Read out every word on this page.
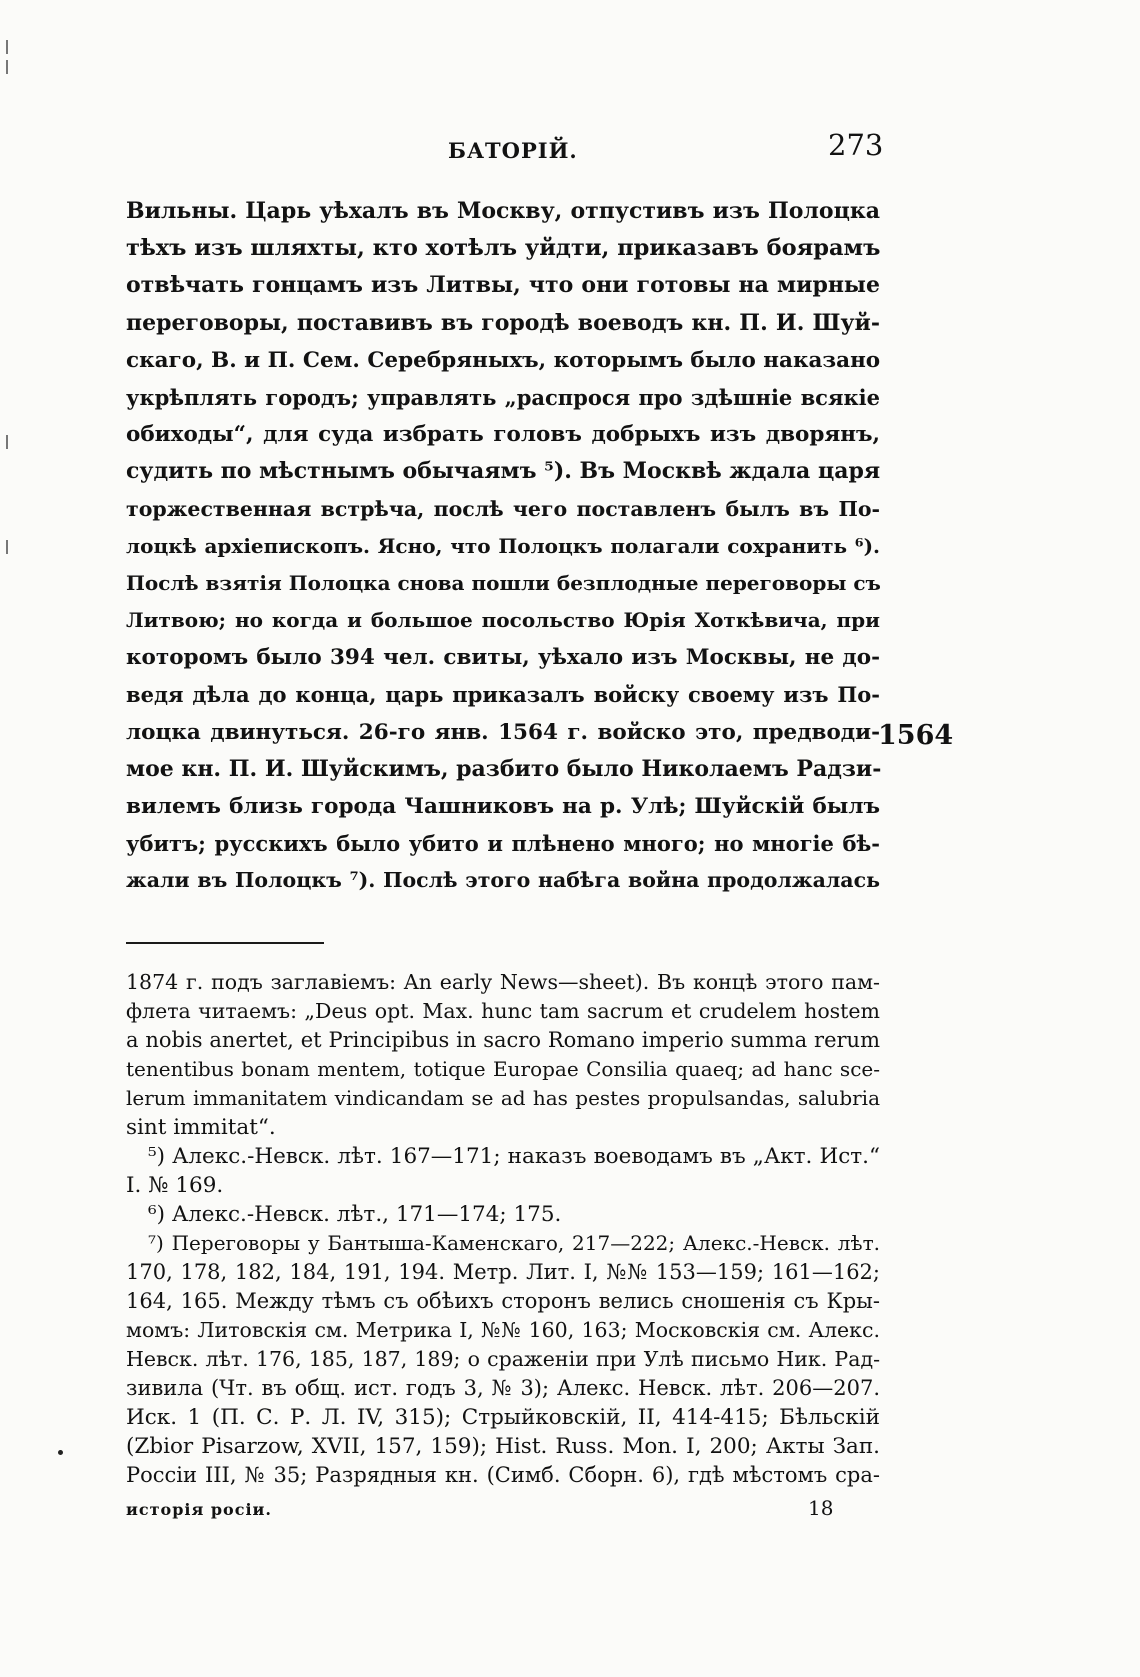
БАТОРІЙ.	273
Вильны. Царь уѣхалъ въ Москву, отпустивъ изъ Полоцка
тѣхъ изъ шляхты, кто хотѣлъ уйдти, приказавъ боярамъ
отвѣчать гонцамъ изъ Литвы, что они готовы на мирные
переговоры, поставивъ въ городѣ воеводъ кн. П. И. Шуй-
скаго, В. и П. Сем. Серебряныхъ, которымъ было наказано
укрѣплять городъ; управлять „распрося про здѣшніе всякіе
обиходы“, для суда избрать головъ добрыхъ изъ дворянъ,
судить по мѣстнымъ обычаямъ ⁵). Въ Москвѣ ждала царя
торжественная встрѣча, послѣ чего поставленъ былъ въ По-
лоцкѣ архіепископъ. Ясно, что Полоцкъ полагали сохранить ⁶).
Послѣ взятія Полоцка снова пошли безплодные переговоры съ
Литвою; но когда и большое посольство Юрія Хоткѣвича, при
которомъ было 394 чел. свиты, уѣхало изъ Москвы, не до-
ведя дѣла до конца, царь приказалъ войску своему изъ По-
лоцка двинуться. 26-го янв. 1564 г. войско это, предводи-
мое кн. П. И. Шуйскимъ, разбито было Николаемъ Радзи-
вилемъ близь города Чашниковъ на р. Улѣ; Шуйскій былъ
убитъ; русскихъ было убито и плѣнено много; но многіе бѣ-
жали въ Полоцкъ ⁷). Послѣ этого набѣга война продолжалась
1564
1874 г. подъ заглавіемъ: An early News—sheet). Въ концѣ этого пам-
флета читаемъ: „Deus opt. Max. hunc tam sacrum et crudelem hostem
a nobis anertet, et Principibus in sacro Romano imperio summa rerum
tenentibus bonam mentem, totique Europae Consilia quaeq; ad hanc sce-
lerum immanitatem vindicandam se ad has pestes propulsandas, salubria
sint immitat“.
⁵) Алекс.-Невск. лѣт. 167—171; наказъ воеводамъ въ „Акт. Ист.“
I. № 169.
⁶) Алекс.-Невск. лѣт., 171—174; 175.
⁷) Переговоры у Бантыша-Каменскаго, 217—222; Алекс.-Невск. лѣт.
170, 178, 182, 184, 191, 194. Метр. Лит. I, №№ 153—159; 161—162;
164, 165. Между тѣмъ съ обѣихъ сторонъ велись сношенія съ Кры-
момъ: Литовскія см. Метрика I, №№ 160, 163; Московскія см. Алекс.
Невск. лѣт. 176, 185, 187, 189; о сраженіи при Улѣ письмо Ник. Рад-
зивила (Чт. въ общ. ист. годъ 3, № 3); Алекс. Невск. лѣт. 206—207.
Иск. 1 (П. С. Р. Л. IV, 315); Стрыйковскій, II, 414-415; Бѣльскій
(Zbior Pisarzow, XVII, 157, 159); Hist. Russ. Mon. I, 200; Акты Зап.
Россіи III, № 35; Разрядныя кн. (Симб. Сборн. 6), гдѣ мѣстомъ сра-
исторія росіи.	18
